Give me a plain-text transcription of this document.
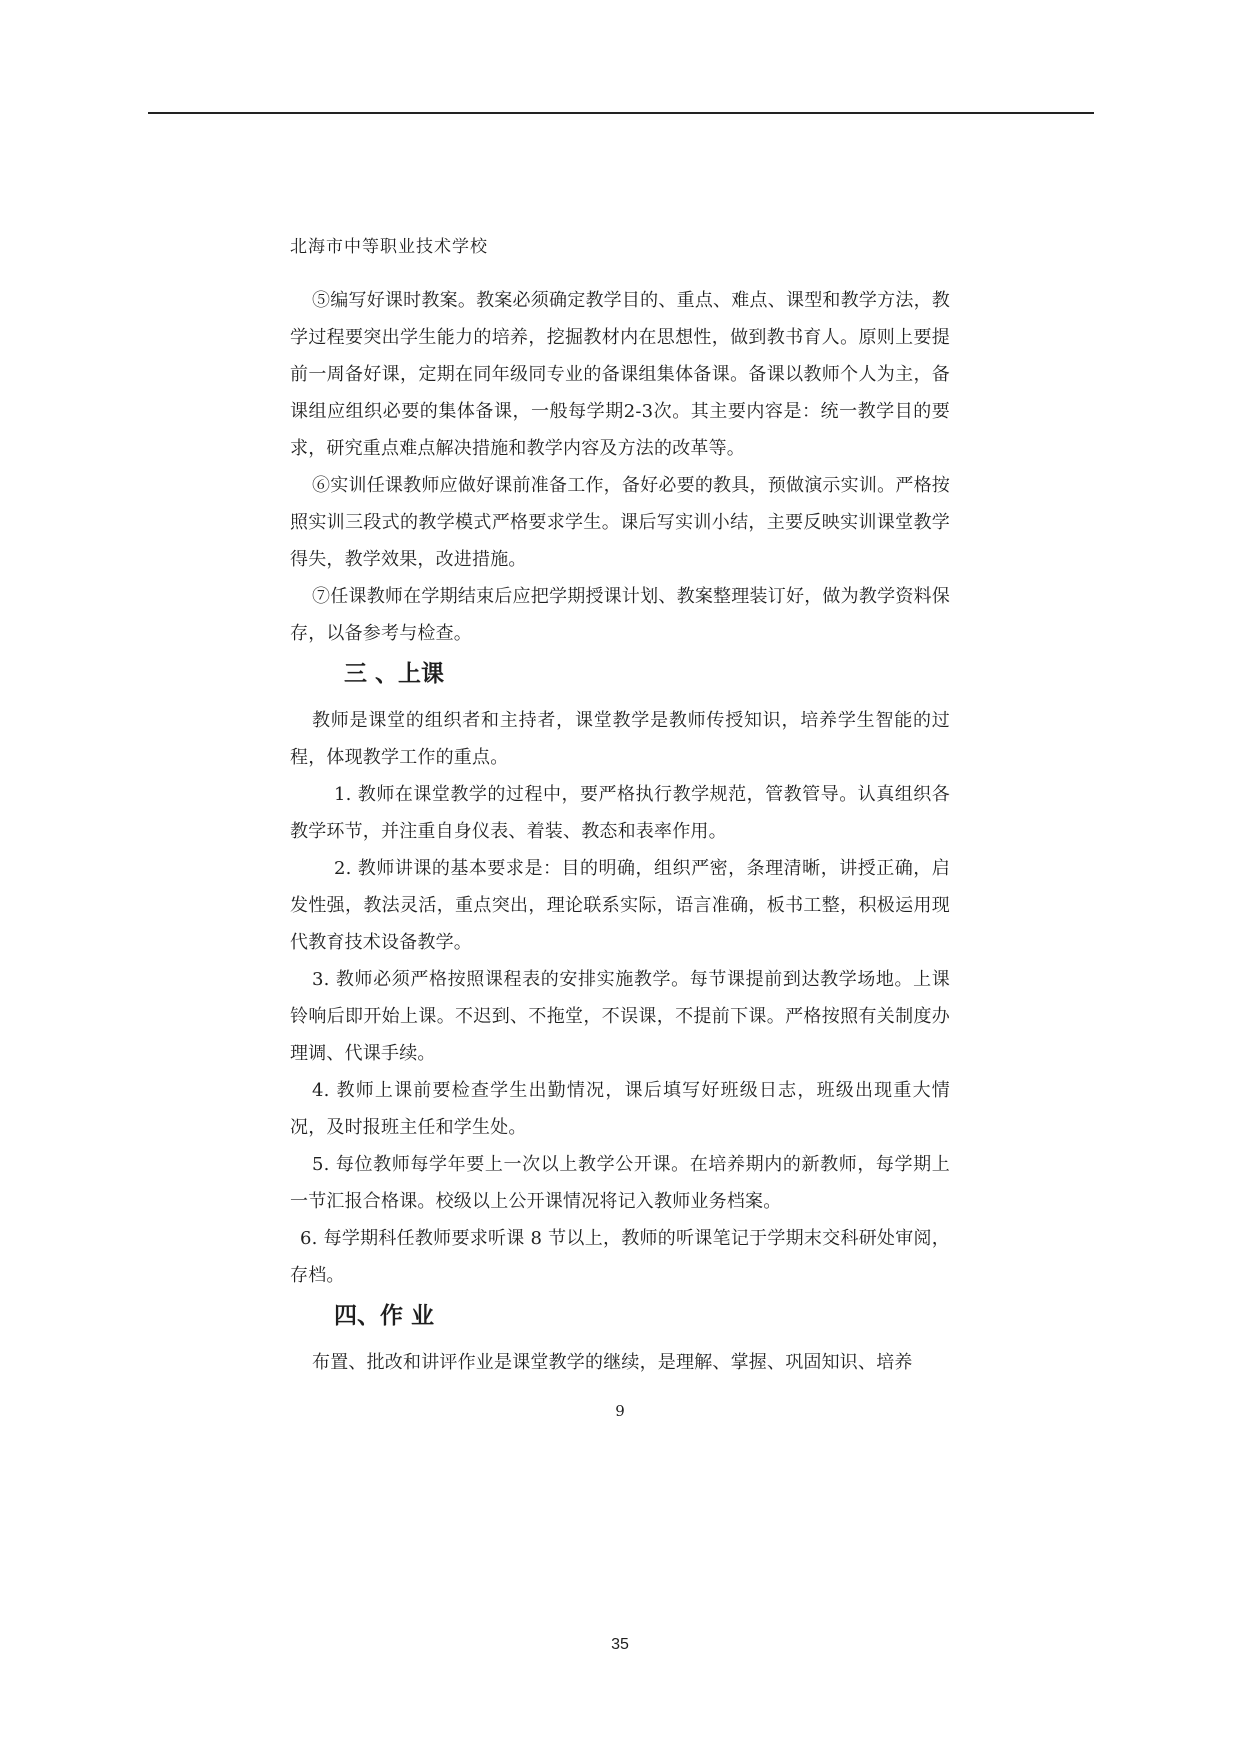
北海市中等职业技术学校

⑤编写好课时教案。教案必须确定教学目的、重点、难点、课型和教学方法，教学过程要突出学生能力的培养，挖掘教材内在思想性，做到教书育人。原则上要提前一周备好课，定期在同年级同专业的备课组集体备课。备课以教师个人为主，备课组应组织必要的集体备课，一般每学期2-3次。其主要内容是：统一教学目的要求，研究重点难点解决措施和教学内容及方法的改革等。

⑥实训任课教师应做好课前准备工作，备好必要的教具，预做演示实训。严格按照实训三段式的教学模式严格要求学生。课后写实训小结，主要反映实训课堂教学得失，教学效果，改进措施。

⑦任课教师在学期结束后应把学期授课计划、教案整理装订好，做为教学资料保存，以备参考与检查。

三 、上课

教师是课堂的组织者和主持者，课堂教学是教师传授知识，培养学生智能的过程，体现教学工作的重点。

1. 教师在课堂教学的过程中，要严格执行教学规范，管教管导。认真组织各教学环节，并注重自身仪表、着装、教态和表率作用。

2. 教师讲课的基本要求是：目的明确，组织严密，条理清晰，讲授正确，启发性强，教法灵活，重点突出，理论联系实际，语言准确，板书工整，积极运用现代教育技术设备教学。

3. 教师必须严格按照课程表的安排实施教学。每节课提前到达教学场地。上课铃响后即开始上课。不迟到、不拖堂，不误课，不提前下课。严格按照有关制度办理调、代课手续。

4. 教师上课前要检查学生出勤情况，课后填写好班级日志，班级出现重大情况，及时报班主任和学生处。

5. 每位教师每学年要上一次以上教学公开课。在培养期内的新教师，每学期上一节汇报合格课。校级以上公开课情况将记入教师业务档案。

6. 每学期科任教师要求听课 8 节以上，教师的听课笔记于学期末交科研处审阅，存档。

四、作 业

布置、批改和讲评作业是课堂教学的继续，是理解、掌握、巩固知识、培养

9
35
